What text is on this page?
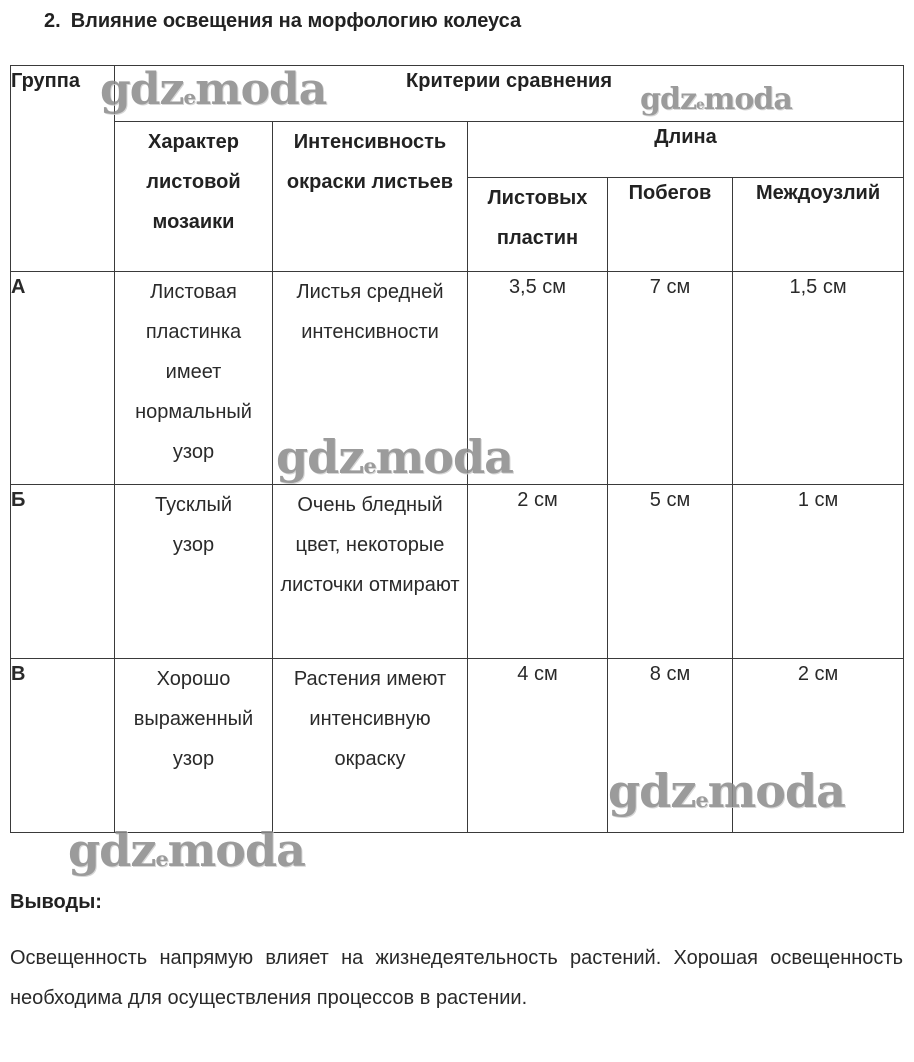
2. Влияние освещения на морфологию колеуса
Группа	Критерии сравнения				
	Характер листовой мозаики	Интенсивность окраски листьев	Длина		
			Листовых пластин	Побегов	Междоузлий
А	Листовая пластинка имеет нормальный узор	Листья средней интенсивности	3,5 см	7 см	1,5 см
Б	Тусклый узор	Очень бледный цвет, некоторые листочки отмирают	2 см	5 см	1 см
В	Хорошо выраженный узор	Растения имеют интенсивную окраску	4 см	8 см	2 см
Выводы:
Освещенность напрямую влияет на жизнедеятельность растений. Хорошая освещенность необходима для осуществления процессов в растении.
gdzemoda	gdzemoda
gdzemoda
gdzemoda
gdzemoda
